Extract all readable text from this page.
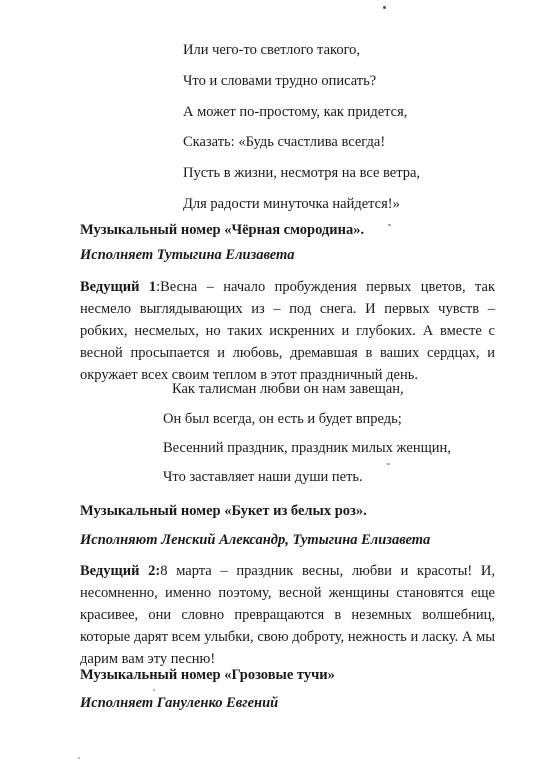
Или чего-то светлого такого,
Что и словами трудно описать?
А может по-простому, как придется,
Сказать: «Будь счастлива всегда!
Пусть в жизни, несмотря на все ветра,
Для радости минуточка найдется!»
Музыкальный номер «Чёрная смородина».
Исполняет Тутыгина Елизавета
Ведущий 1:Весна – начало пробуждения первых цветов, так несмело выглядывающих из – под снега. И первых чувств – робких, несмелых, но таких искренних и глубоких. А вместе с весной просыпается и любовь, дремавшая в ваших сердцах, и окружает всех своим теплом в этот праздничный день.
Как талисман любви он нам завещан,
Он был всегда, он есть и будет впредь;
Весенний праздник, праздник милых женщин,
Что заставляет наши души петь.
Музыкальный номер «Букет из белых роз».
Исполняют Ленский Александр, Тутыгина Елизавета
Ведущий 2:8 марта – праздник весны, любви и красоты! И, несомненно, именно поэтому, весной женщины становятся еще красивее, они словно превращаются в неземных волшебниц, которые дарят всем улыбки, свою доброту, нежность и ласку. А мы дарим вам эту песню!
Музыкальный номер «Грозовые тучи»
Исполняет Гануленко Евгений
